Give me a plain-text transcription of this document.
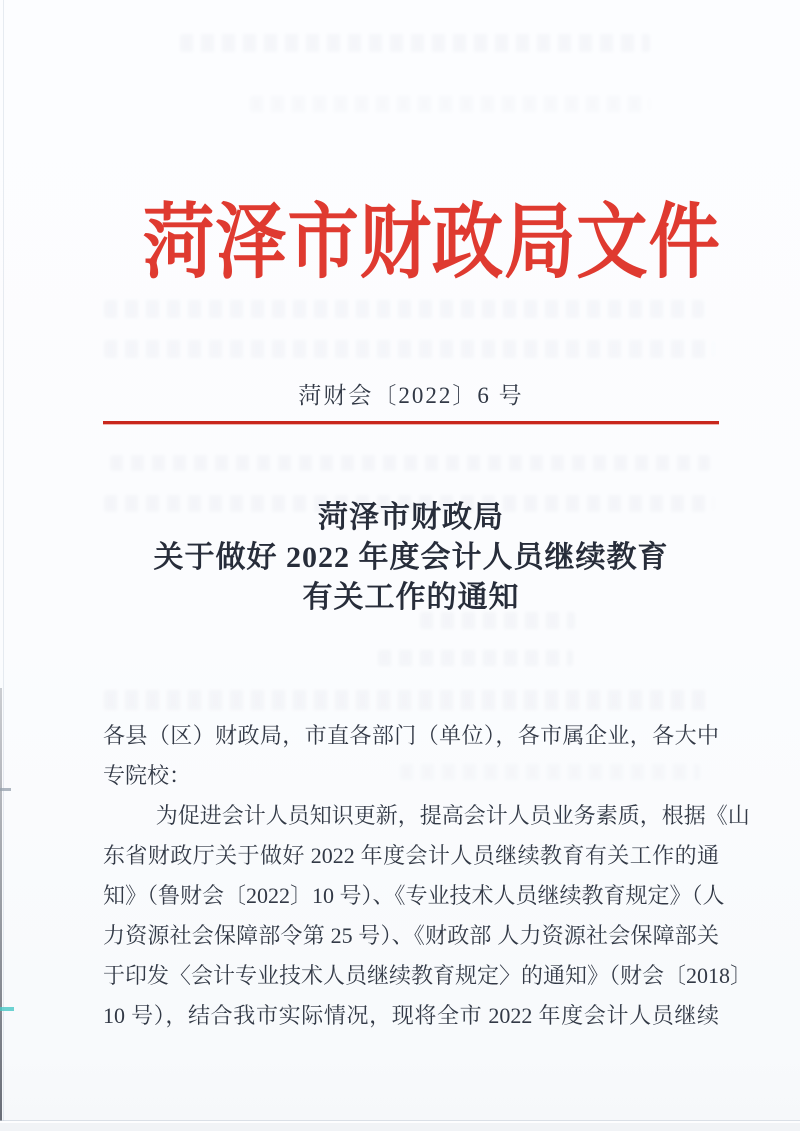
菏泽市财政局文件
菏财会〔2022〕6 号
菏泽市财政局
关于做好 2022 年度会计人员继续教育
有关工作的通知
各县（区）财政局，市直各部门（单位），各市属企业，各大中
专院校：
为促进会计人员知识更新，提高会计人员业务素质，根据《山
东省财政厅关于做好 2022 年度会计人员继续教育有关工作的通
知》（鲁财会〔2022〕10 号）、《专业技术人员继续教育规定》（人
力资源社会保障部令第 25 号）、《财政部 人力资源社会保障部关
于印发〈会计专业技术人员继续教育规定〉的通知》（财会〔2018〕
10 号），结合我市实际情况，现将全市 2022 年度会计人员继续
